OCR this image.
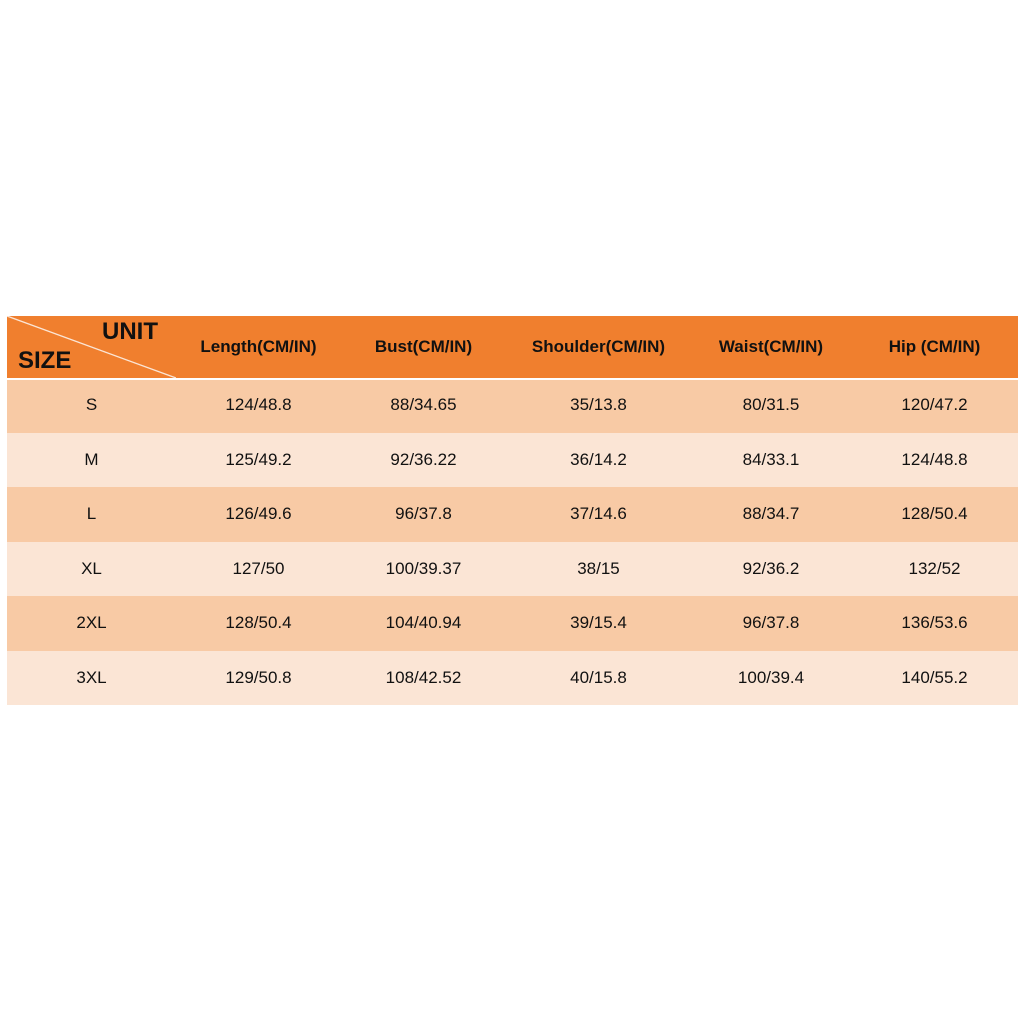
UNIT
SIZE	Length(CM/IN)	Bust(CM/IN)	Shoulder(CM/IN)	Waist(CM/IN)	Hip (CM/IN)
S	124/48.8	88/34.65	35/13.8	80/31.5	120/47.2
M	125/49.2	92/36.22	36/14.2	84/33.1	124/48.8
L	126/49.6	96/37.8	37/14.6	88/34.7	128/50.4
XL	127/50	100/39.37	38/15	92/36.2	132/52
2XL	128/50.4	104/40.94	39/15.4	96/37.8	136/53.6
3XL	129/50.8	108/42.52	40/15.8	100/39.4	140/55.2
